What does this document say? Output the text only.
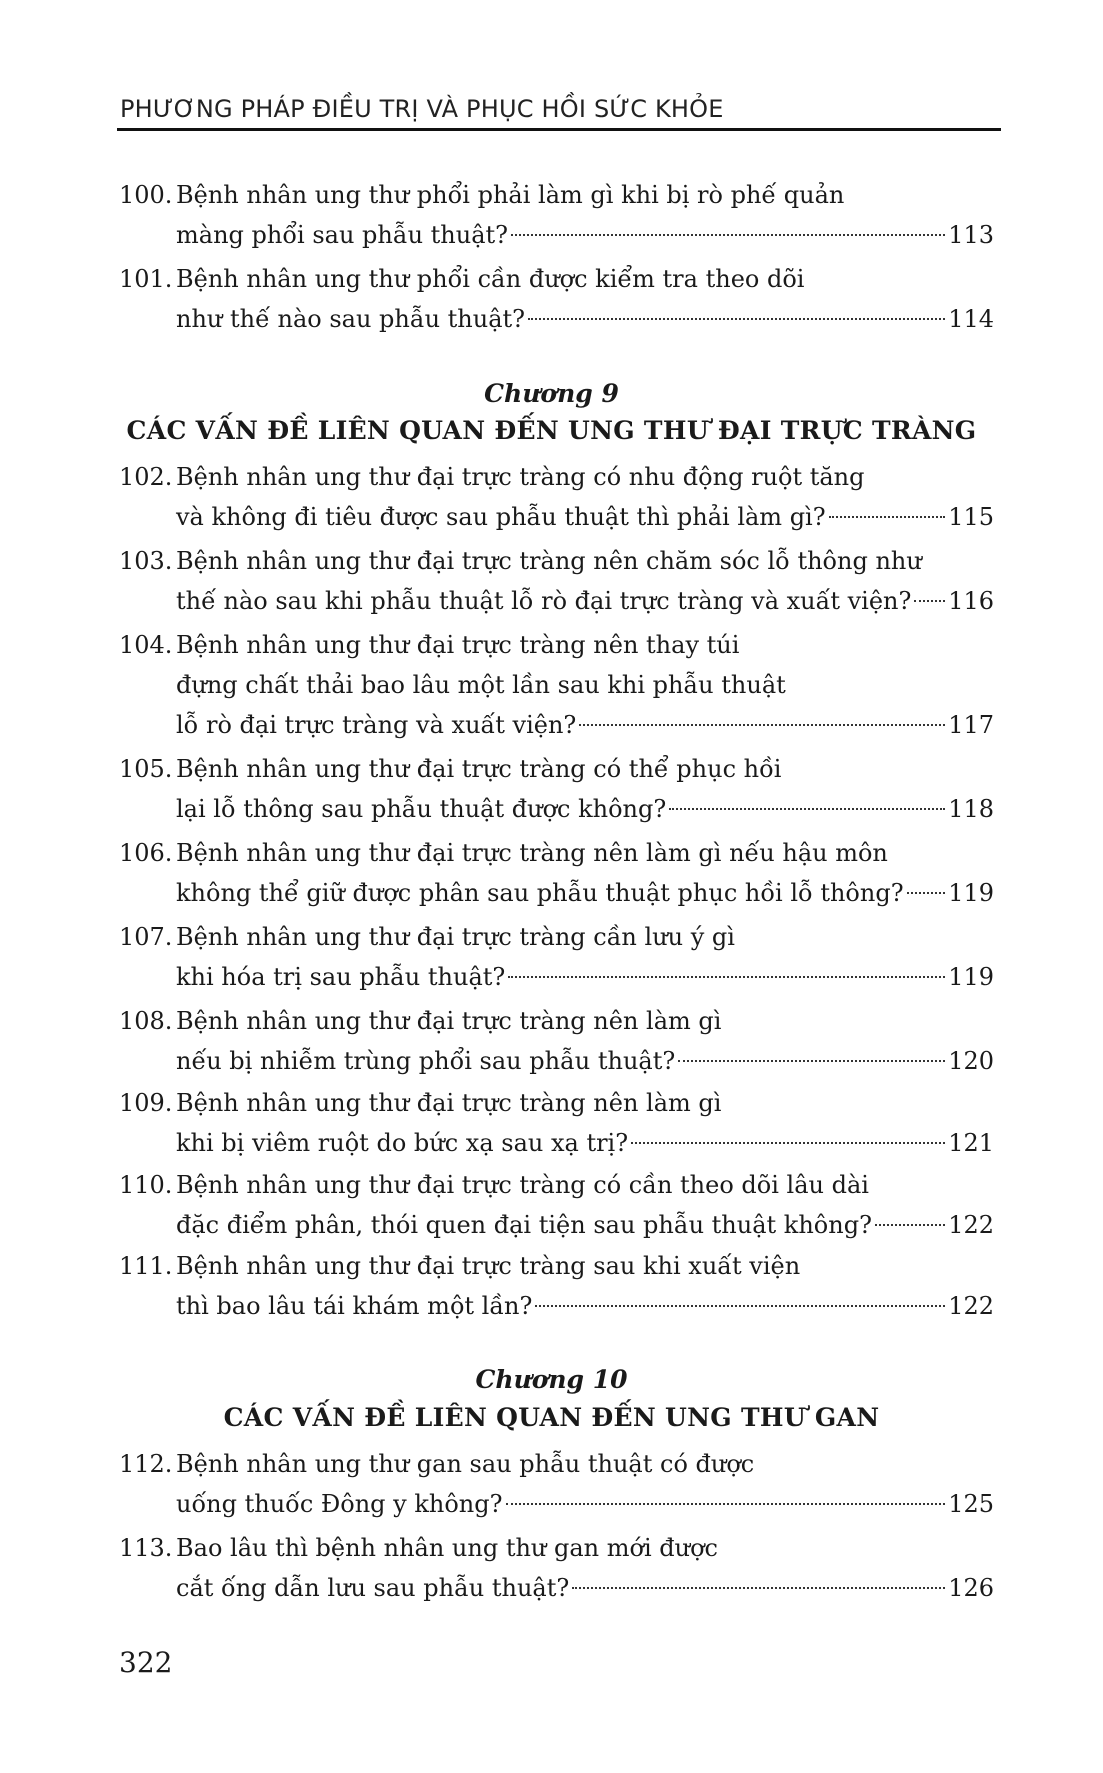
PHƯƠNG PHÁP ĐIỀU TRỊ VÀ PHỤC HỒI SỨC KHỎE
100. Bệnh nhân ung thư phổi phải làm gì khi bị rò phế quản
màng phổi sau phẫu thuật?	113
101. Bệnh nhân ung thư phổi cần được kiểm tra theo dõi
như thế nào sau phẫu thuật?	114
Chương 9
CÁC VẤN ĐỀ LIÊN QUAN ĐẾN UNG THƯ ĐẠI TRỰC TRÀNG
102. Bệnh nhân ung thư đại trực tràng có nhu động ruột tăng
và không đi tiêu được sau phẫu thuật thì phải làm gì?	115
103. Bệnh nhân ung thư đại trực tràng nên chăm sóc lỗ thông như
thế nào sau khi phẫu thuật lỗ rò đại trực tràng và xuất viện? 116
104. Bệnh nhân ung thư đại trực tràng nên thay túi
đựng chất thải bao lâu một lần sau khi phẫu thuật
lỗ rò đại trực tràng và xuất viện?	117
105. Bệnh nhân ung thư đại trực tràng có thể phục hồi
lại lỗ thông sau phẫu thuật được không?	118
106. Bệnh nhân ung thư đại trực tràng nên làm gì nếu hậu môn
không thể giữ được phân sau phẫu thuật phục hồi lỗ thông? 119
107. Bệnh nhân ung thư đại trực tràng cần lưu ý gì
khi hóa trị sau phẫu thuật?	119
108. Bệnh nhân ung thư đại trực tràng nên làm gì
nếu bị nhiễm trùng phổi sau phẫu thuật?	120
109. Bệnh nhân ung thư đại trực tràng nên làm gì
khi bị viêm ruột do bức xạ sau xạ trị?	121
110. Bệnh nhân ung thư đại trực tràng có cần theo dõi lâu dài
đặc điểm phân, thói quen đại tiện sau phẫu thuật không?	122
111. Bệnh nhân ung thư đại trực tràng sau khi xuất viện
thì bao lâu tái khám một lần?	122
Chương 10
CÁC VẤN ĐỀ LIÊN QUAN ĐẾN UNG THƯ GAN
112. Bệnh nhân ung thư gan sau phẫu thuật có được
uống thuốc Đông y không?	125
113. Bao lâu thì bệnh nhân ung thư gan mới được
cắt ống dẫn lưu sau phẫu thuật?	126
322
